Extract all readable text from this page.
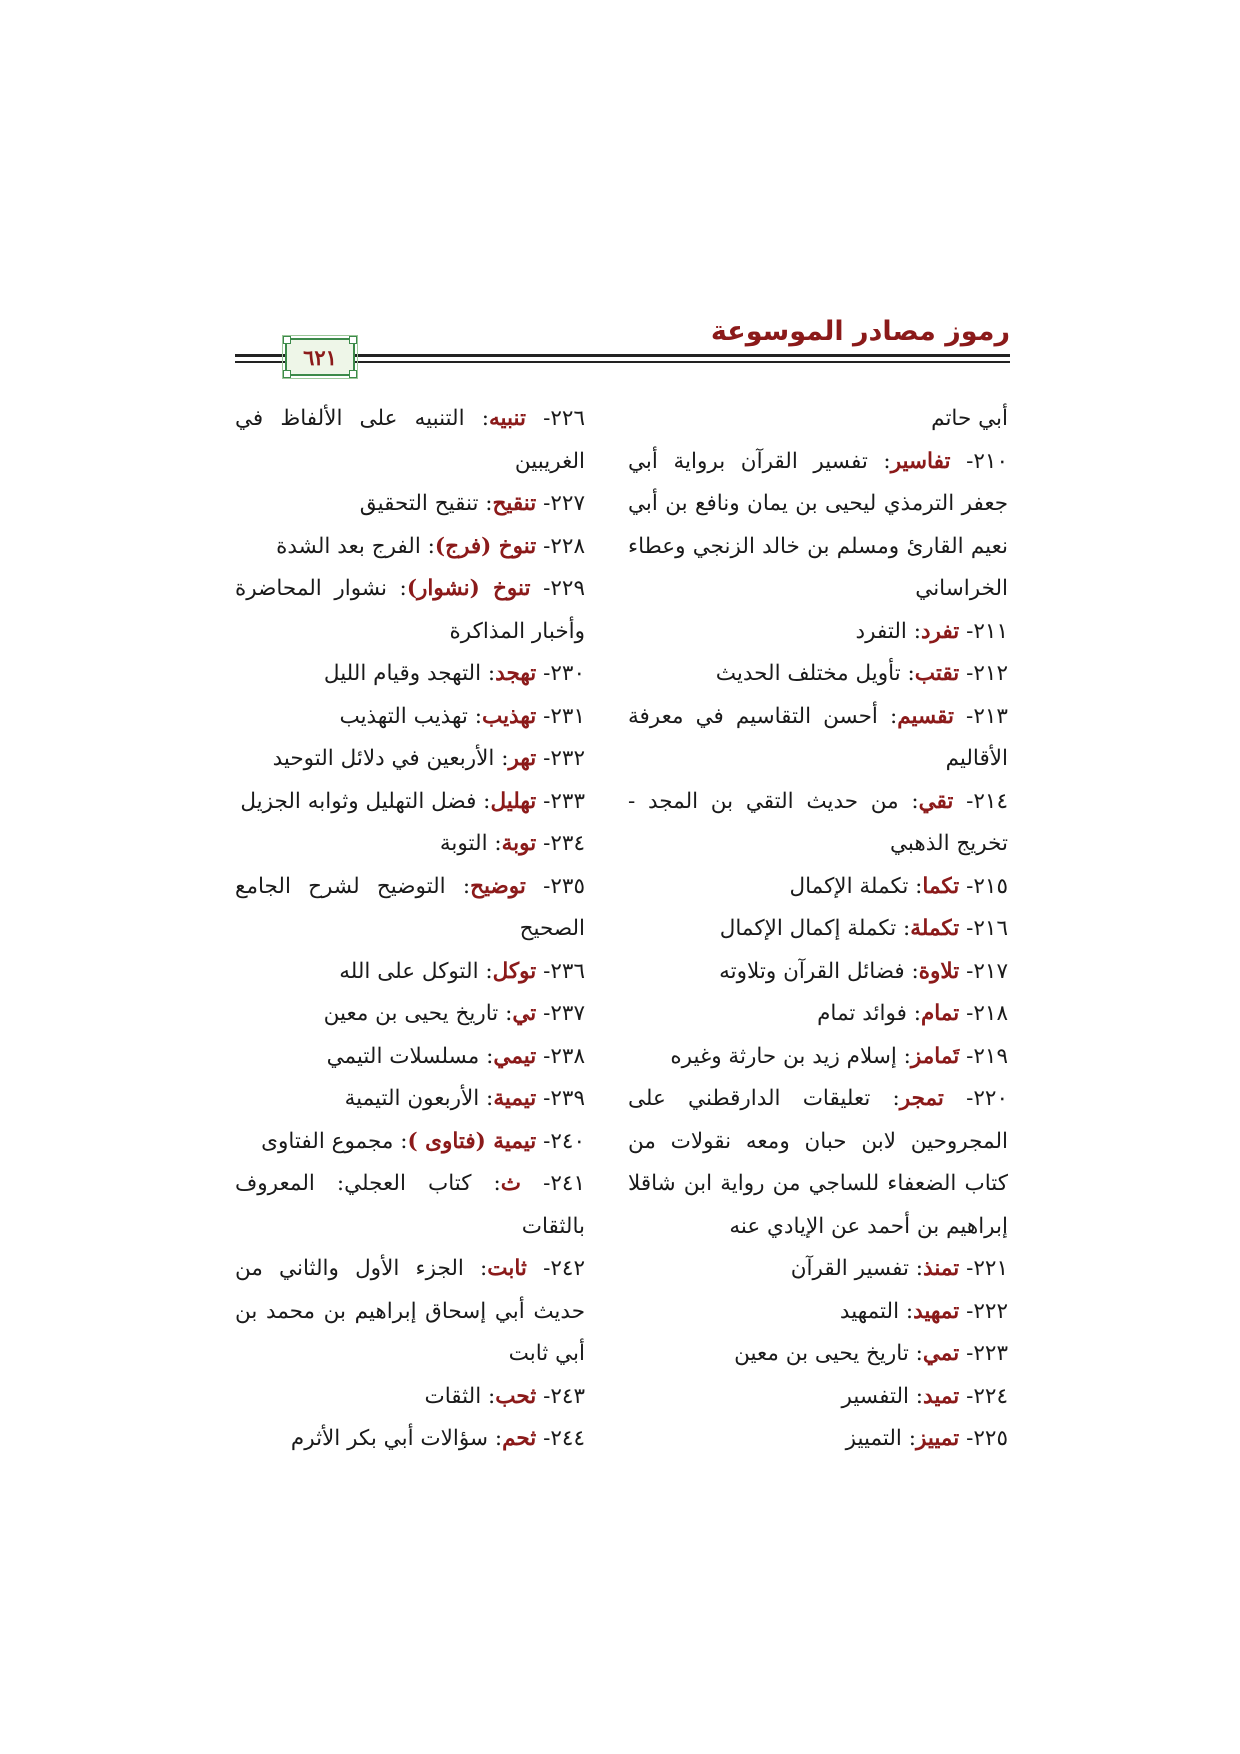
رموز مصادر الموسوعة
٦٢١

أبي حاتم

٢١٠- تفاسير: تفسير القرآن برواية أبي جعفر الترمذي ليحيى بن يمان ونافع بن أبي نعيم القارئ ومسلم بن خالد الزنجي وعطاء الخراساني

٢١١- تفرد: التفرد

٢١٢- تقتب: تأويل مختلف الحديث

٢١٣- تقسيم: أحسن التقاسيم في معرفة الأقاليم

٢١٤- تقي: من حديث التقي بن المجد - تخريج الذهبي

٢١٥- تكما: تكملة الإكمال

٢١٦- تكملة: تكملة إكمال الإكمال

٢١٧- تلاوة: فضائل القرآن وتلاوته

٢١٨- تمام: فوائد تمام

٢١٩- تَمامز: إسلام زيد بن حارثة وغيره

٢٢٠- تمجر: تعليقات الدارقطني على المجروحين لابن حبان ومعه نقولات من كتاب الضعفاء للساجي من رواية ابن شاقلا إبراهيم بن أحمد عن الإيادي عنه

٢٢١- تمنذ: تفسير القرآن

٢٢٢- تمهيد: التمهيد

٢٢٣- تمي: تاريخ يحيى بن معين

٢٢٤- تميد: التفسير

٢٢٥- تمييز: التمييز

٢٢٦- تنبيه: التنبيه على الألفاظ في الغريبين

٢٢٧- تنقيح: تنقيح التحقيق

٢٢٨- تنوخ (فرج): الفرج بعد الشدة

٢٢٩- تنوخ (نشوار): نشوار المحاضرة وأخبار المذاكرة

٢٣٠- تهجد: التهجد وقيام الليل

٢٣١- تهذيب: تهذيب التهذيب

٢٣٢- تهر: الأربعين في دلائل التوحيد

٢٣٣- تهليل: فضل التهليل وثوابه الجزيل

٢٣٤- توبة: التوبة

٢٣٥- توضيح: التوضيح لشرح الجامع الصحيح

٢٣٦- توكل: التوكل على الله

٢٣٧- تي: تاريخ يحيى بن معين

٢٣٨- تيمي: مسلسلات التيمي

٢٣٩- تيمية: الأربعون التيمية

٢٤٠- تيمية (فتاوى ): مجموع الفتاوى

٢٤١- ث: كتاب العجلي: المعروف بالثقات

٢٤٢- ثابت: الجزء الأول والثاني من حديث أبي إسحاق إبراهيم بن محمد بن أبي ثابت

٢٤٣- ثحب: الثقات

٢٤٤- ثحم: سؤالات أبي بكر الأثرم
